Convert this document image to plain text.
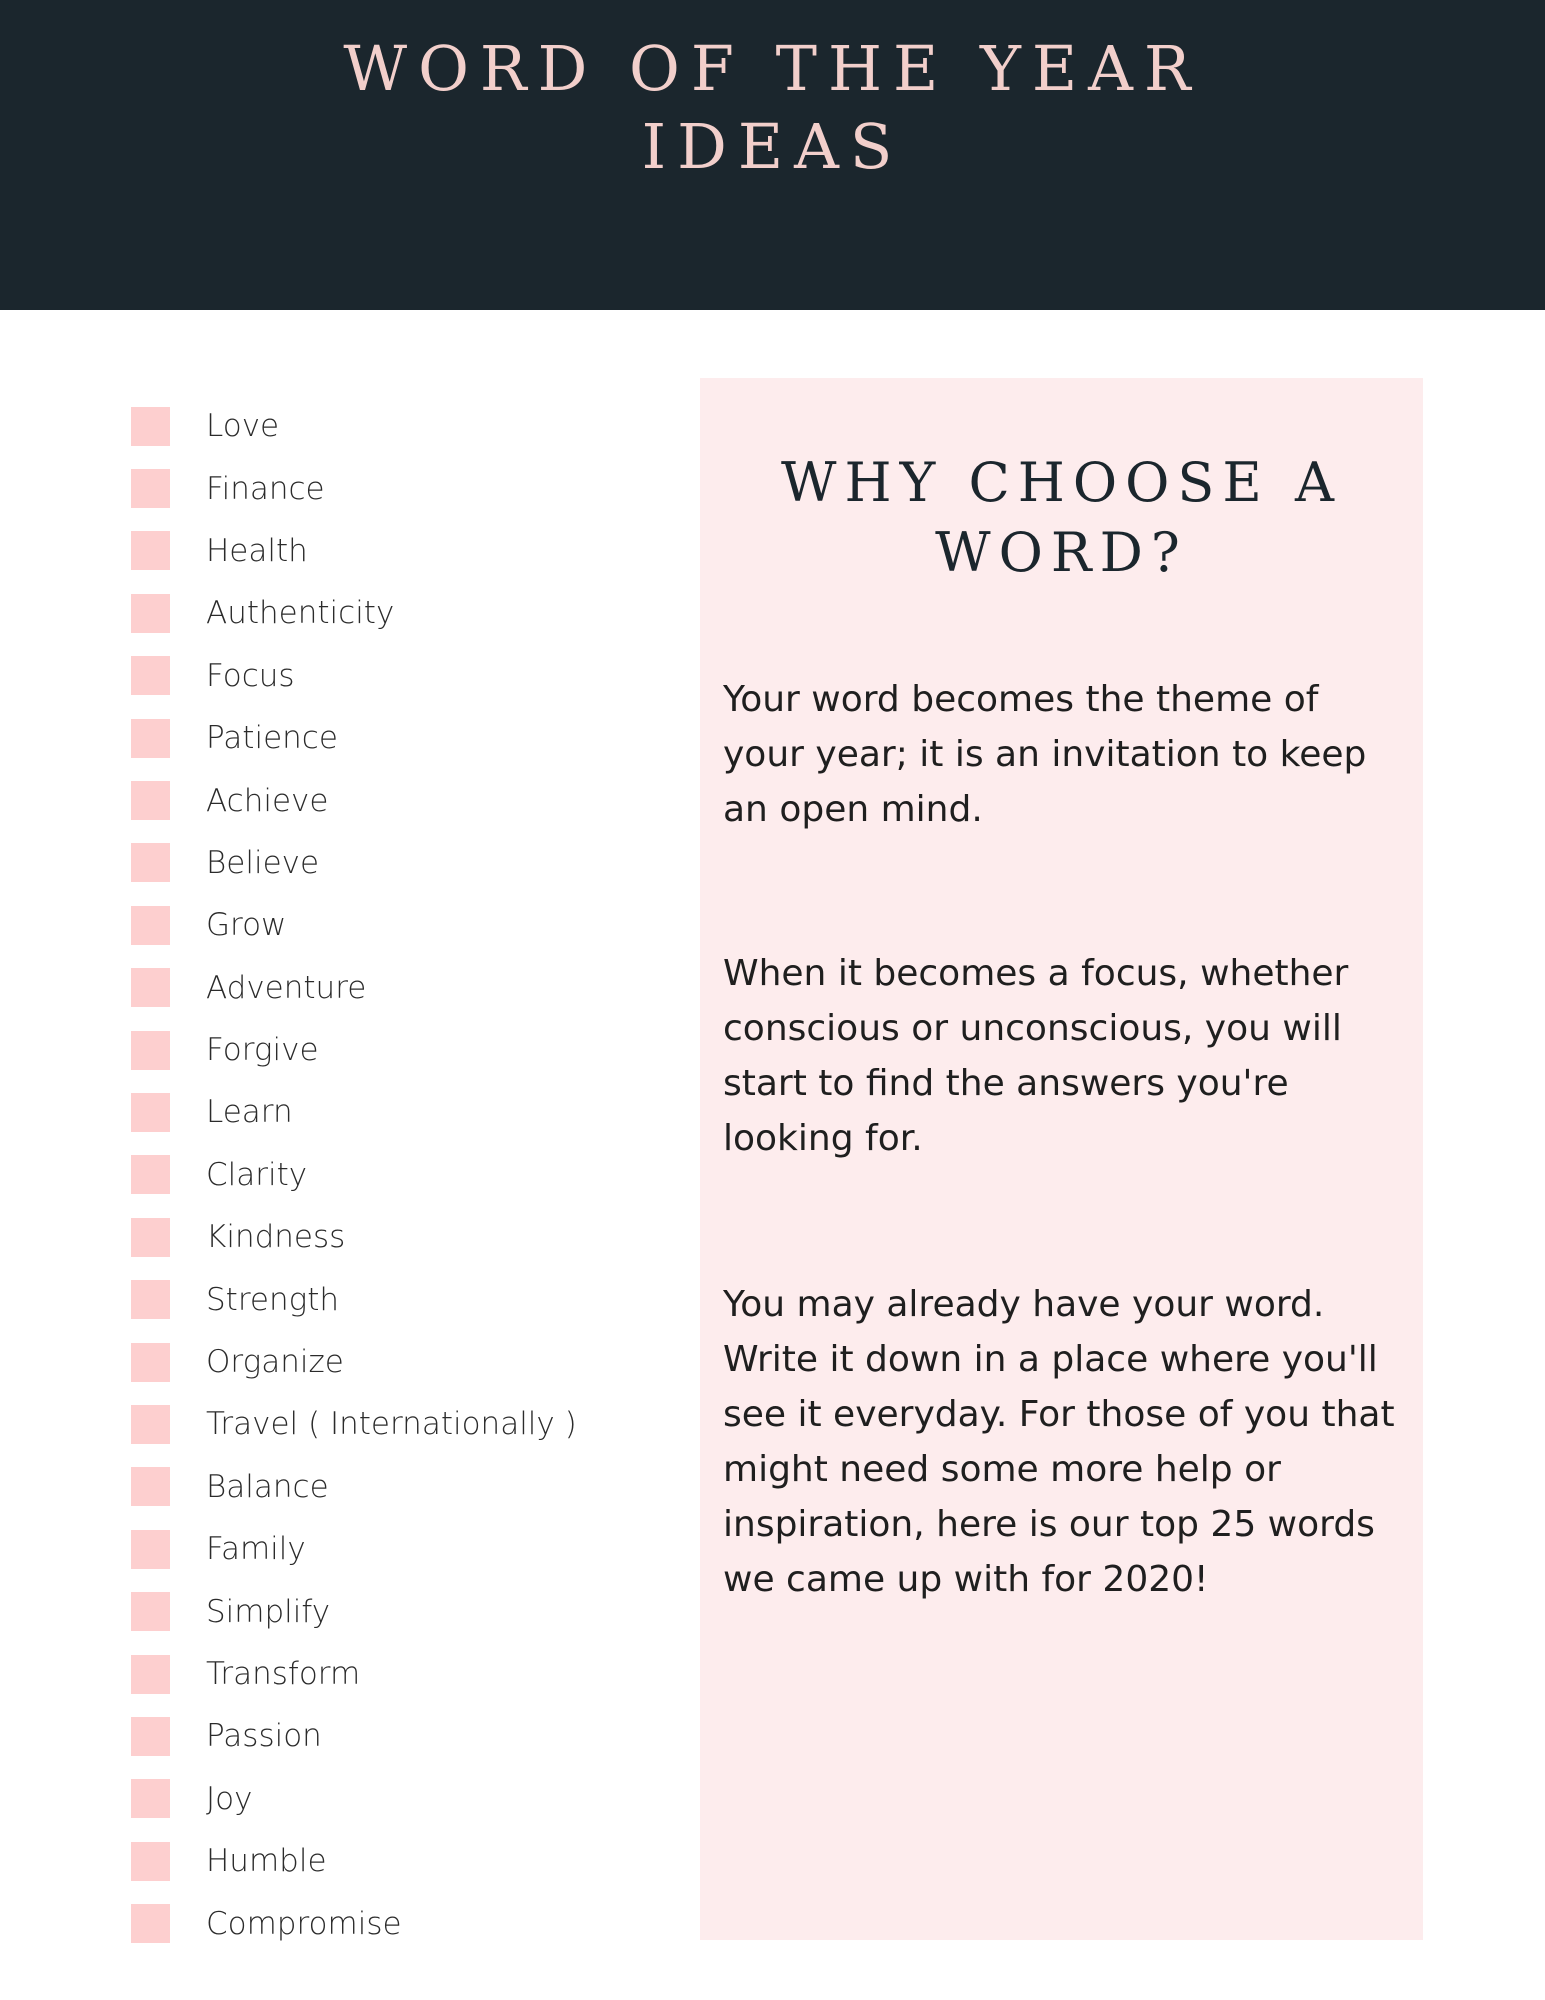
WORD OF THE YEAR
IDEAS
Love
Finance
Health
Authenticity
Focus
Patience
Achieve
Believe
Grow
Adventure
Forgive
Learn
Clarity
Kindness
Strength
Organize
Travel ( Internationally )
Balance
Family
Simplify
Transform
Passion
Joy
Humble
Compromise
WHY CHOOSE A
WORD?

Your word becomes the theme of your year; it is an invitation to keep an open mind.

When it becomes a focus, whether conscious or unconscious, you will start to find the answers you're looking for.

You may already have your word. Write it down in a place where you'll see it everyday. For those of you that might need some more help or inspiration, here is our top 25 words we came up with for 2020!
